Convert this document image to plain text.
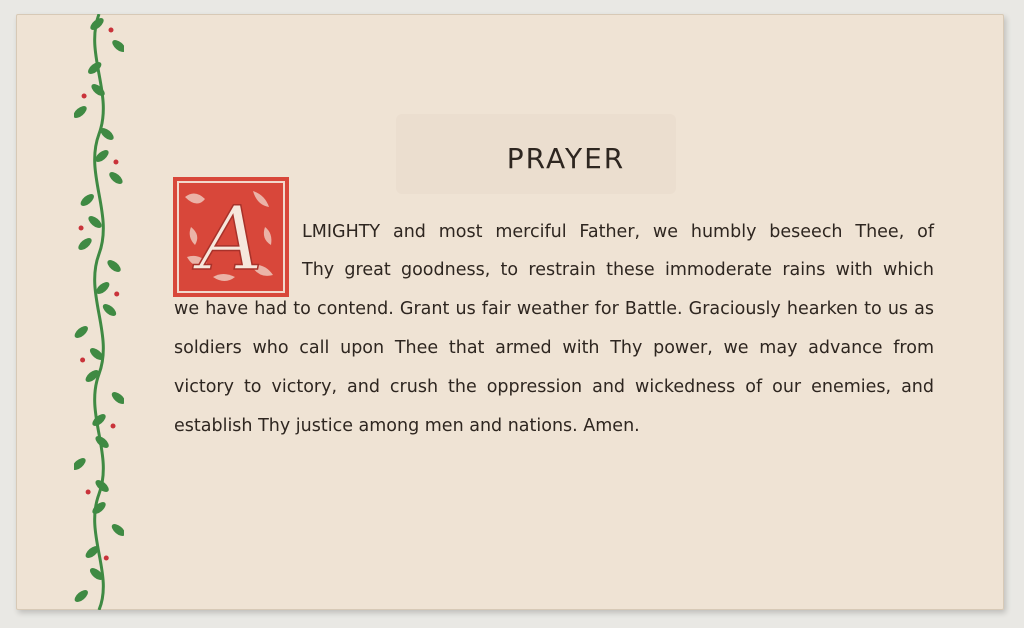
PRAYER
A LMIGHTY and most merciful Father, we humbly beseech Thee, of
Thy great goodness, to restrain these immoderate rains with which
we have had to contend. Grant us fair weather for Battle. Graciously hearken to us as
soldiers who call upon Thee that armed with Thy power, we may advance from
victory to victory, and crush the oppression and wickedness of our enemies, and
establish Thy justice among men and nations. Amen.
